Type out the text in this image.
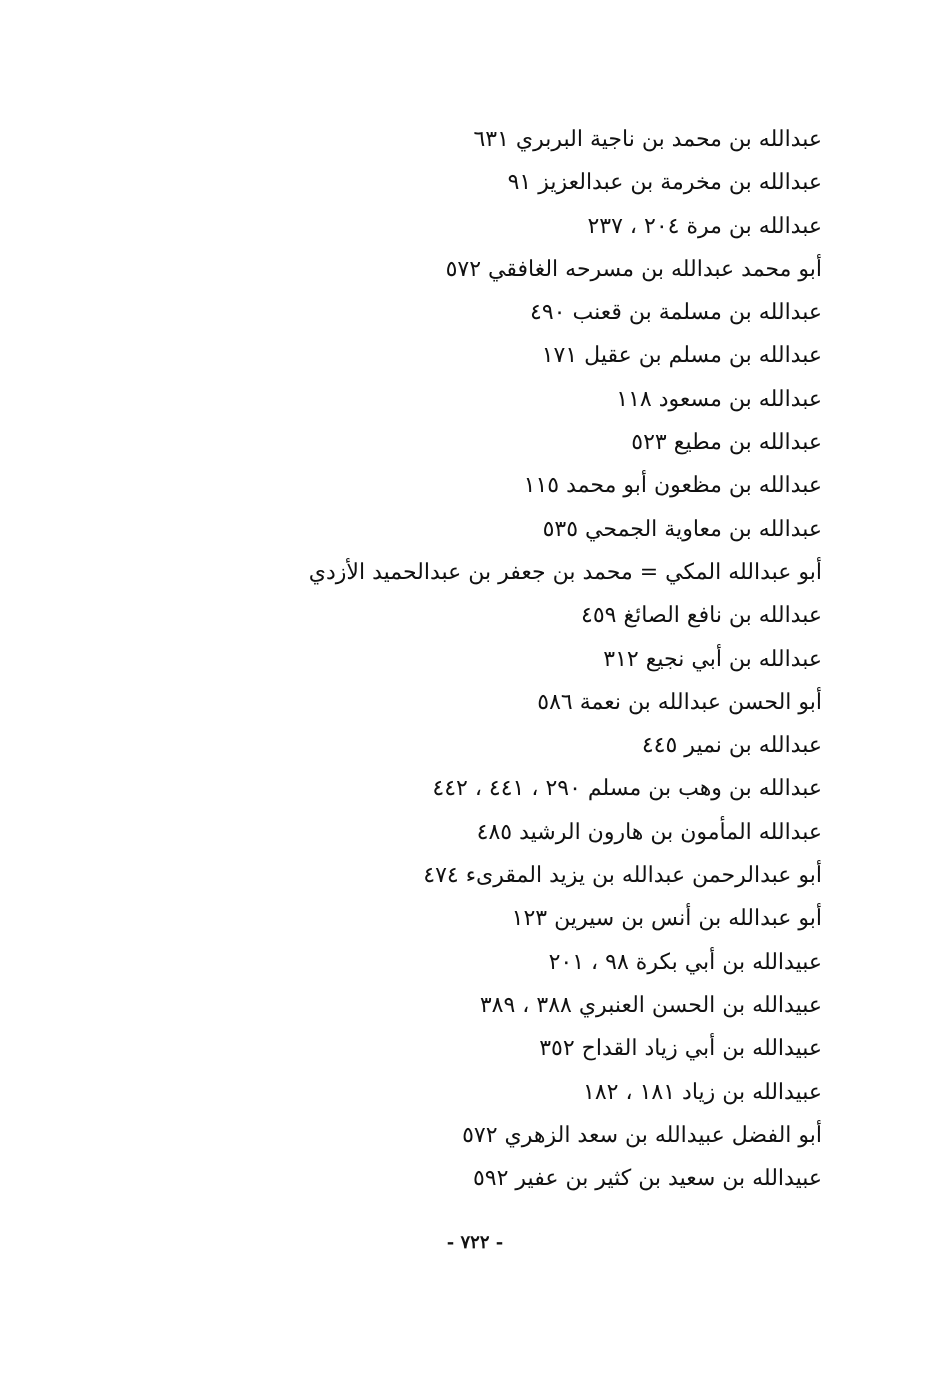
عبدالله بن محمد بن ناجية البربري ٦٣١
عبدالله بن مخرمة بن عبدالعزيز ٩١
عبدالله بن مرة ٢٠٤ ، ٢٣٧
أبو محمد عبدالله بن مسرحه الغافقي ٥٧٢
عبدالله بن مسلمة بن قعنب ٤٩٠
عبدالله بن مسلم بن عقيل ١٧١
عبدالله بن مسعود ١١٨
عبدالله بن مطيع ٥٢٣
عبدالله بن مظعون أبو محمد ١١٥
عبدالله بن معاوية الجمحي ٥٣٥
أبو عبدالله المكي = محمد بن جعفر بن عبدالحميد الأزدي
عبدالله بن نافع الصائغ ٤٥٩
عبدالله بن أبي نجيع ٣١٢
أبو الحسن عبدالله بن نعمة ٥٨٦
عبدالله بن نمير ٤٤٥
عبدالله بن وهب بن مسلم ٢٩٠ ، ٤٤١ ، ٤٤٢
عبدالله المأمون بن هارون الرشيد ٤٨٥
أبو عبدالرحمن عبدالله بن يزيد المقرىء ٤٧٤
أبو عبدالله بن أنس بن سيرين ١٢٣
عبيدالله بن أبي بكرة ٩٨ ، ٢٠١
عبيدالله بن الحسن العنبري ٣٨٨ ، ٣٨٩
عبيدالله بن أبي زياد القداح ٣٥٢
عبيدالله بن زياد ١٨١ ، ١٨٢
أبو الفضل عبيدالله بن سعد الزهري ٥٧٢
عبيدالله بن سعيد بن كثير بن عفير ٥٩٢
- ٧٢٢ -
